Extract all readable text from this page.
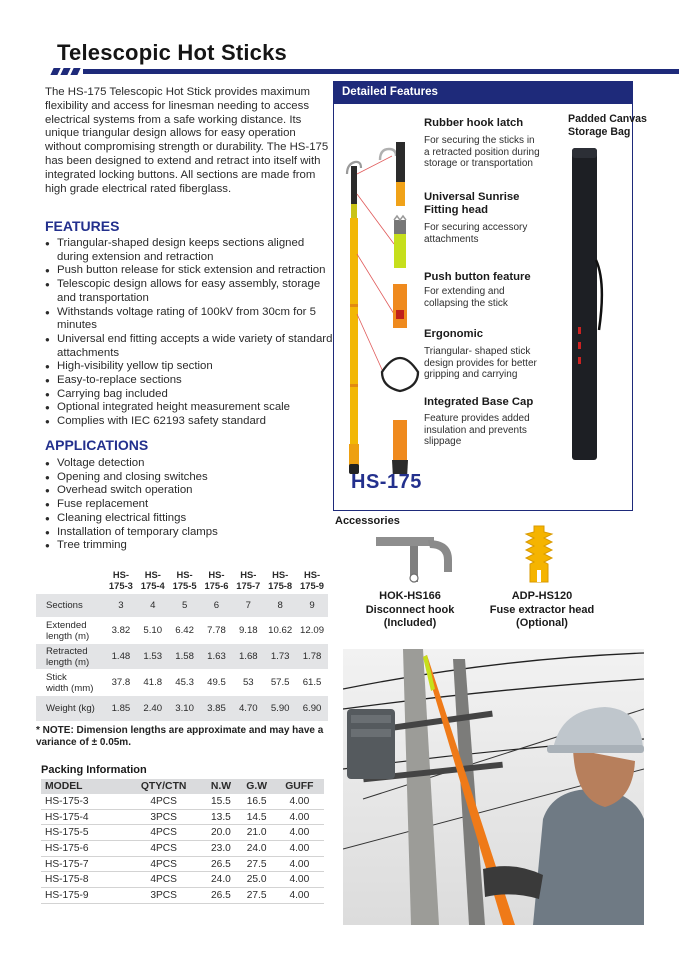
Telescopic Hot Sticks
The HS-175 Telescopic Hot Stick provides maximum flexibility and access for linesman needing to access electrical systems from a safe working distance. Its unique triangular design allows for easy operation without compromising strength or durability. The HS-175 has been designed to extend and retract into itself with integrated locking buttons. All sections are made from high grade electrical rated fiberglass.
FEATURES
● Triangular-shaped design keeps sections aligned during extension and retraction
● Push button release for stick extension and retraction
● Telescopic design allows for easy assembly, storage and transportation
● Withstands voltage rating of 100kV from 30cm for 5 minutes
● Universal end fitting accepts a wide variety of standard attachments
● High-visibility yellow tip section
● Easy-to-replace sections
● Carrying bag included
● Optional integrated height measurement scale
● Complies with IEC 62193 safety standard
APPLICATIONS
● Voltage detection
● Opening and closing switches
● Overhead switch operation
● Fuse replacement
● Cleaning electrical fittings
● Installation of temporary clamps
● Tree trimming
	HS-
175-3	HS-
175-4	HS-
175-5	HS-
175-6	HS-
175-7	HS-
175-8	HS-
175-9
Sections	3	4	5	6	7	8	9
Extended
length (m)	3.82	5.10	6.42	7.78	9.18	10.62	12.09
Retracted
length (m)	1.48	1.53	1.58	1.63	1.68	1.73	1.78
Stick
width (mm)	37.8	41.8	45.3	49.5	53	57.5	61.5
Weight (kg)	1.85	2.40	3.10	3.85	4.70	5.90	6.90
* NOTE: Dimension lengths are approximate and may have a variance of ± 0.05m.
Packing Information
MODEL	QTY/CTN	N.W	G.W	GUFF
HS-175-3	4PCS	15.5	16.5	4.00
HS-175-4	3PCS	13.5	14.5	4.00
HS-175-5	4PCS	20.0	21.0	4.00
HS-175-6	4PCS	23.0	24.0	4.00
HS-175-7	4PCS	26.5	27.5	4.00
HS-175-8	4PCS	24.0	25.0	4.00
HS-175-9	3PCS	26.5	27.5	4.00
Detailed Features
Rubber hook latch
For securing the sticks in
a retracted position during
storage or transportation
Universal Sunrise
Fitting head
For securing accessory
attachments
Push button feature
For extending and
collapsing the stick
Ergonomic
Triangular- shaped stick
design provides for better
gripping and carrying
Integrated Base Cap
Feature provides added
insulation and prevents
slippage
HS-175
Padded Canvas
Storage Bag
Accessories
HOK-HS166
Disconnect hook
(Included)
ADP-HS120
Fuse extractor head
(Optional)
